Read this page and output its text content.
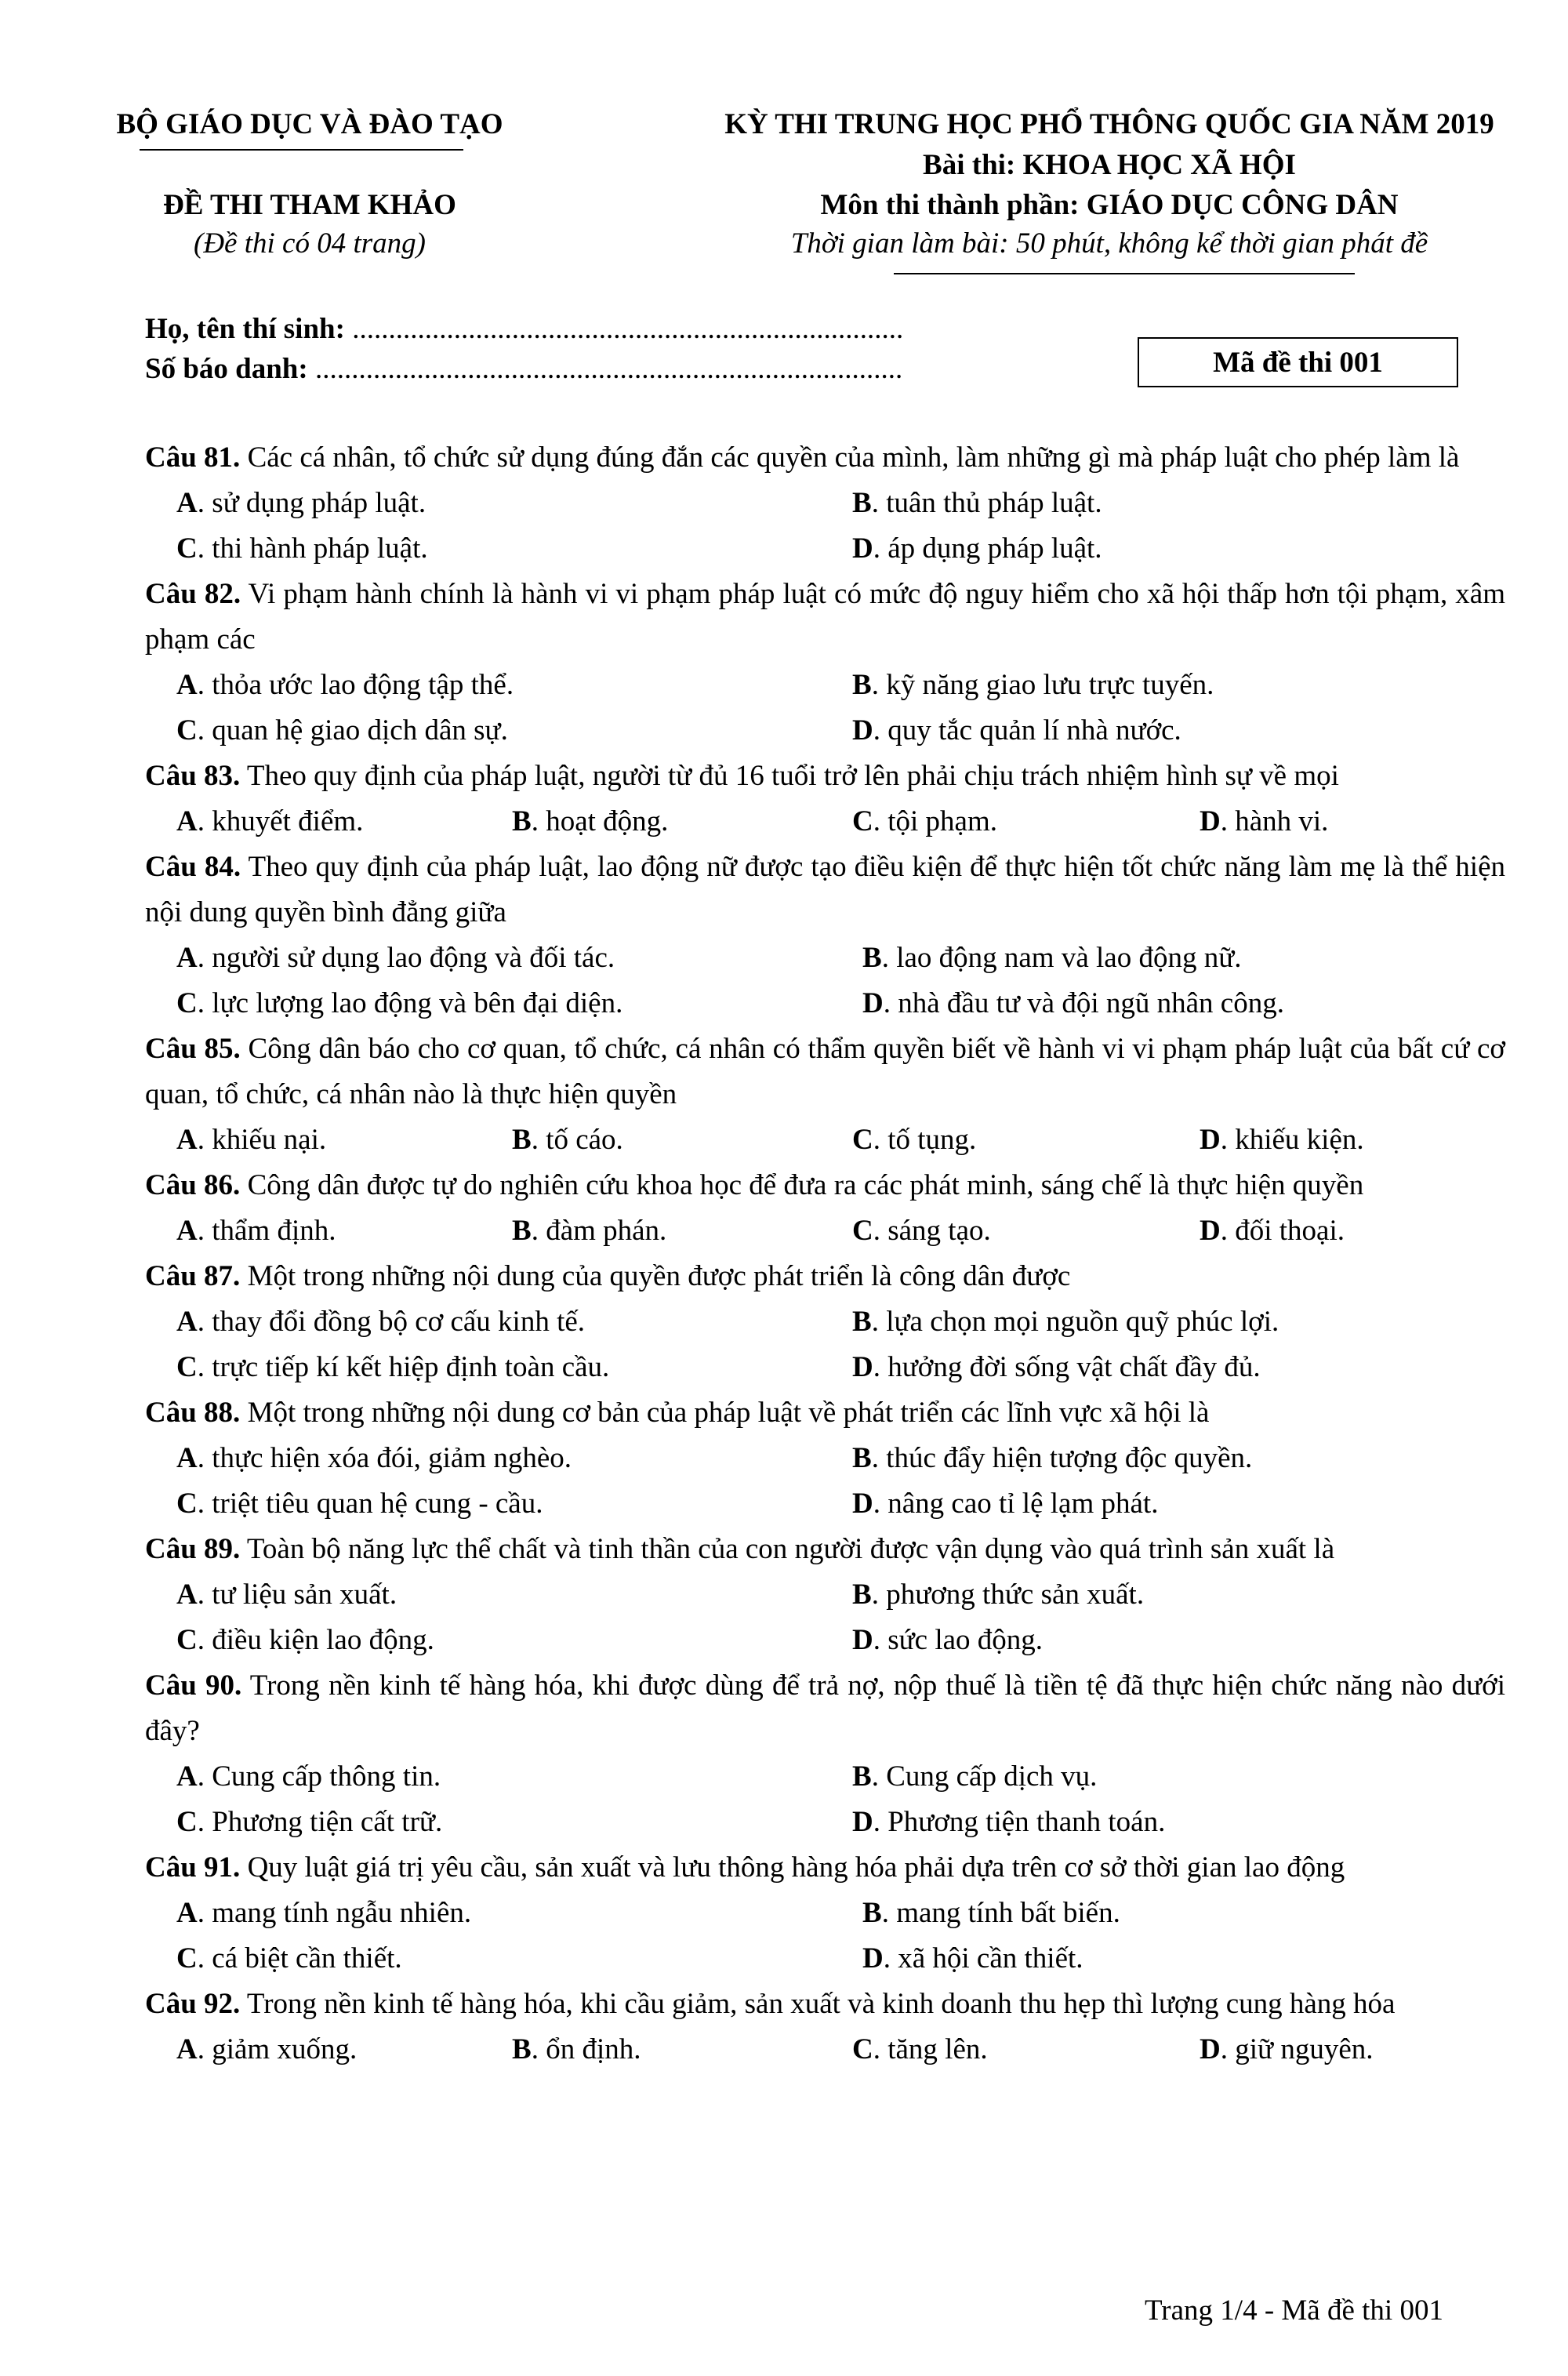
BỘ GIÁO DỤC VÀ ĐÀO TẠO	KỲ THI TRUNG HỌC PHỔ THÔNG QUỐC GIA NĂM 2019
Bài thi: KHOA HỌC XÃ HỘI
ĐỀ THI THAM KHẢO	Môn thi thành phần: GIÁO DỤC CÔNG DÂN
(Đề thi có 04 trang)	Thời gian làm bài: 50 phút, không kể thời gian phát đề
Họ, tên thí sinh: ............................................................................
Số báo danh: .................................................................................	Mã đề thi 001
Câu 81. Các cá nhân, tổ chức sử dụng đúng đắn các quyền của mình, làm những gì mà pháp luật cho phép làm là
A. sử dụng pháp luật.	B. tuân thủ pháp luật.
C. thi hành pháp luật.	D. áp dụng pháp luật.
Câu 82. Vi phạm hành chính là hành vi vi phạm pháp luật có mức độ nguy hiểm cho xã hội thấp hơn tội phạm, xâm phạm các
A. thỏa ước lao động tập thể.	B. kỹ năng giao lưu trực tuyến.
C. quan hệ giao dịch dân sự.	D. quy tắc quản lí nhà nước.
Câu 83. Theo quy định của pháp luật, người từ đủ 16 tuổi trở lên phải chịu trách nhiệm hình sự về mọi
A. khuyết điểm.	B. hoạt động.	C. tội phạm.	D. hành vi.
Câu 84. Theo quy định của pháp luật, lao động nữ được tạo điều kiện để thực hiện tốt chức năng làm mẹ là thể hiện nội dung quyền bình đẳng giữa
A. người sử dụng lao động và đối tác.	B. lao động nam và lao động nữ.
C. lực lượng lao động và bên đại diện.	D. nhà đầu tư và đội ngũ nhân công.
Câu 85. Công dân báo cho cơ quan, tổ chức, cá nhân có thẩm quyền biết về hành vi vi phạm pháp luật của bất cứ cơ quan, tổ chức, cá nhân nào là thực hiện quyền
A. khiếu nại.	B. tố cáo.	C. tố tụng.	D. khiếu kiện.
Câu 86. Công dân được tự do nghiên cứu khoa học để đưa ra các phát minh, sáng chế là thực hiện quyền
A. thẩm định.	B. đàm phán.	C. sáng tạo.	D. đối thoại.
Câu 87. Một trong những nội dung của quyền được phát triển là công dân được
A. thay đổi đồng bộ cơ cấu kinh tế.	B. lựa chọn mọi nguồn quỹ phúc lợi.
C. trực tiếp kí kết hiệp định toàn cầu.	D. hưởng đời sống vật chất đầy đủ.
Câu 88. Một trong những nội dung cơ bản của pháp luật về phát triển các lĩnh vực xã hội là
A. thực hiện xóa đói, giảm nghèo.	B. thúc đẩy hiện tượng độc quyền.
C. triệt tiêu quan hệ cung - cầu.	D. nâng cao tỉ lệ lạm phát.
Câu 89. Toàn bộ năng lực thể chất và tinh thần của con người được vận dụng vào quá trình sản xuất là
A. tư liệu sản xuất.	B. phương thức sản xuất.
C. điều kiện lao động.	D. sức lao động.
Câu 90. Trong nền kinh tế hàng hóa, khi được dùng để trả nợ, nộp thuế là tiền tệ đã thực hiện chức năng nào dưới đây?
A. Cung cấp thông tin.	B. Cung cấp dịch vụ.
C. Phương tiện cất trữ.	D. Phương tiện thanh toán.
Câu 91. Quy luật giá trị yêu cầu, sản xuất và lưu thông hàng hóa phải dựa trên cơ sở thời gian lao động
A. mang tính ngẫu nhiên.	B. mang tính bất biến.
C. cá biệt cần thiết.	D. xã hội cần thiết.
Câu 92. Trong nền kinh tế hàng hóa, khi cầu giảm, sản xuất và kinh doanh thu hẹp thì lượng cung hàng hóa
A. giảm xuống.	B. ổn định.	C. tăng lên.	D. giữ nguyên.
Trang 1/4 - Mã đề thi 001
